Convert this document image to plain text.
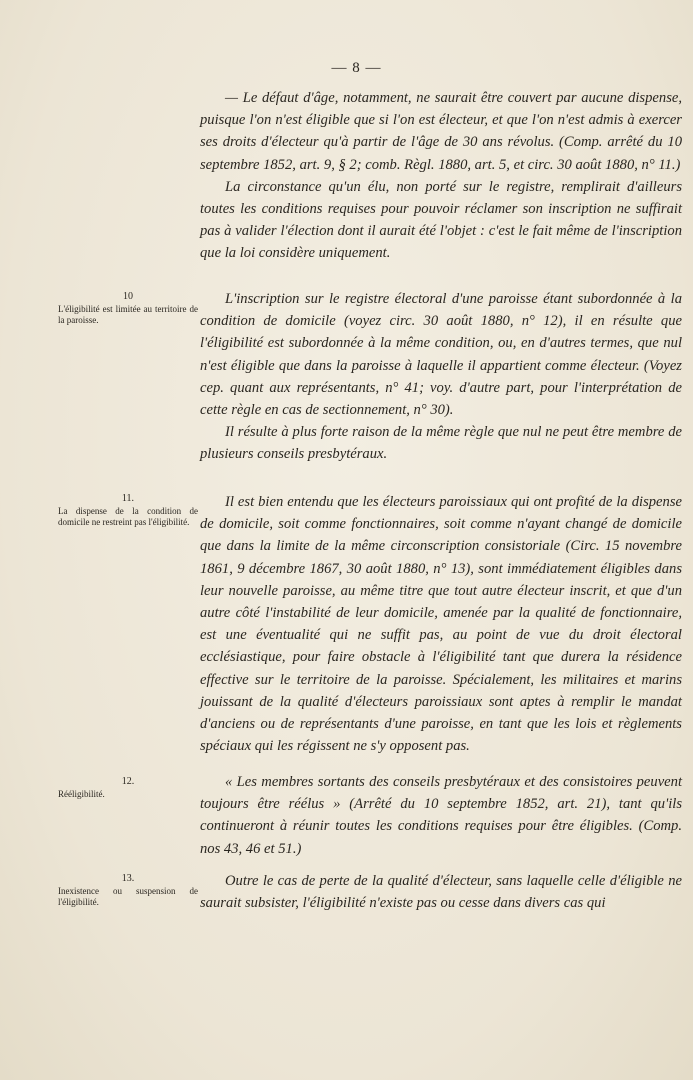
— 8 —

— Le défaut d'âge, notamment, ne saurait être couvert par aucune dispense, puisque l'on n'est éligible que si l'on est électeur, et que l'on n'est admis à exercer ses droits d'électeur qu'à partir de l'âge de 30 ans révolus. (Comp. arrêté du 10 septembre 1852, art. 9, § 2; comb. Règl. 1880, art. 5, et circ. 30 août 1880, n° 11.)

La circonstance qu'un élu, non porté sur le registre, remplirait d'ailleurs toutes les conditions requises pour pouvoir réclamer son inscription ne suffirait pas à valider l'élection dont il aurait été l'objet : c'est le fait même de l'inscription que la loi considère uniquement.

10
L'éligibilité est limitée au territoire de la paroisse.

L'inscription sur le registre électoral d'une paroisse étant subordonnée à la condition de domicile (voyez circ. 30 août 1880, n° 12), il en résulte que l'éligibilité est subordonnée à la même condition, ou, en d'autres termes, que nul n'est éligible que dans la paroisse à laquelle il appartient comme électeur. (Voyez cep. quant aux représentants, n° 41; voy. d'autre part, pour l'interprétation de cette règle en cas de sectionnement, n° 30).

Il résulte à plus forte raison de la même règle que nul ne peut être membre de plusieurs conseils presbytéraux.

11.
La dispense de la condition de domicile ne restreint pas l'éligibilité.

Il est bien entendu que les électeurs paroissiaux qui ont profité de la dispense de domicile, soit comme fonctionnaires, soit comme n'ayant changé de domicile que dans la limite de la même circonscription consistoriale (Circ. 15 novembre 1861, 9 décembre 1867, 30 août 1880, n° 13), sont immédiatement éligibles dans leur nouvelle paroisse, au même titre que tout autre électeur inscrit, et que d'un autre côté l'instabilité de leur domicile, amenée par la qualité de fonctionnaire, est une éventualité qui ne suffit pas, au point de vue du droit électoral ecclésiastique, pour faire obstacle à l'éligibilité tant que durera la résidence effective sur le territoire de la paroisse. Spécialement, les militaires et marins jouissant de la qualité d'électeurs paroissiaux sont aptes à remplir le mandat d'anciens ou de représentants d'une paroisse, en tant que les lois et règlements spéciaux qui les régissent ne s'y opposent pas.

12.
Rééligibilité.

« Les membres sortants des conseils presbytéraux et des consistoires peuvent toujours être réélus » (Arrêté du 10 septembre 1852, art. 21), tant qu'ils continueront à réunir toutes les conditions requises pour être éligibles. (Comp. nos 43, 46 et 51.)

13.
Inexistence ou suspension de l'éligibilité.

Outre le cas de perte de la qualité d'électeur, sans laquelle celle d'éligible ne saurait subsister, l'éligibilité n'existe pas ou cesse dans divers cas qui
